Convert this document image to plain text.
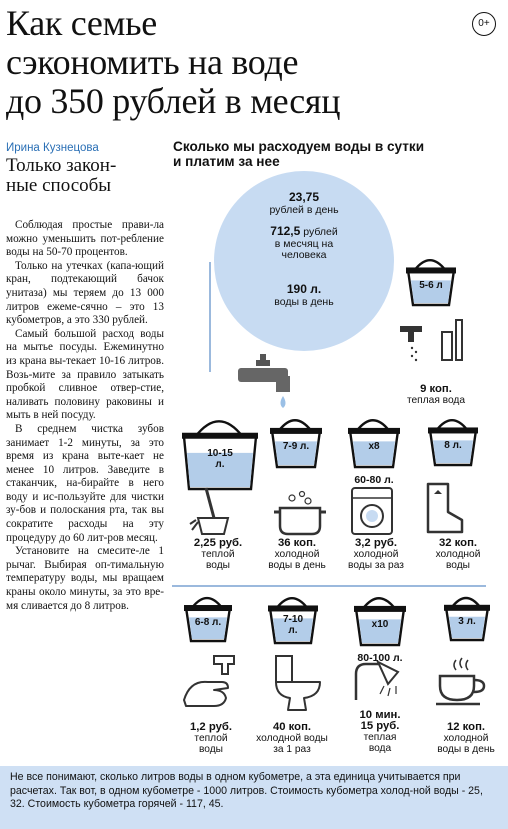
Как семье
сэкономить на воде
до 350 рублей в месяц
0+
Ирина Кузнецова
Только закон-
ные способы

Соблюдая простые прави-ла можно уменьшить пот-ребление воды на 50-70 процентов.

Только на утечках (капа-ющий кран, подтекающий бачок унитаза) мы теряем до 13 000 литров ежеме-сячно – это 13 кубометров, а это 330 рублей.

Самый большой расход воды на мытье посуды. Ежеминутно из крана вы-текает 10-16 литров. Возь-мите за правило затыкать пробкой сливное отвер-стие, наливать половину раковины и мыть в ней посуду.

В среднем чистка зубов занимает 1-2 минуты, за это время из крана выте-кает не менее 10 литров. Заведите в стаканчик, на-бирайте в него воду и ис-пользуйте для чистки зу-бов и полоскания рта, так вы сократите расходы на эту процедуру до 60 лит-ров месяц.

Установите на смесите-ле 1 рычаг. Выбирая оп-тимальную температуру воды, мы вращаем краны около минуты, за это вре-мя сливается до 8 литров.

Сколько мы расходуем воды в сутки
и платим за нее
23,75
рублей в день
712,5 рублей
в месчяц на
человека
190 л.
воды в день
5-6 л
9 коп.
теплая вода
10-15
л.
2,25 руб.
теплой
воды
7-9 л.
36 коп.
холодной
воды в день
x8
60-80 л.
3,2 руб.
холодной
воды за раз
8 л.
32 коп.
холодной
воды
6-8 л.
1,2 руб.
теплой
воды
7-10
л.
40 коп.
холодной воды
за 1 раз
x10
80-100 л.
10 мин.
15 руб.
теплая
вода
3 л.
12 коп.
холодной
воды в день
Не все понимают, сколько литров воды в одном кубометре, а эта единица учитывается при расчетах. Так вот, в одном кубометре - 1000 литров. Стоимость кубометра холод-ной воды - 25, 32. Стоимость кубометра горячей - 117, 45.
